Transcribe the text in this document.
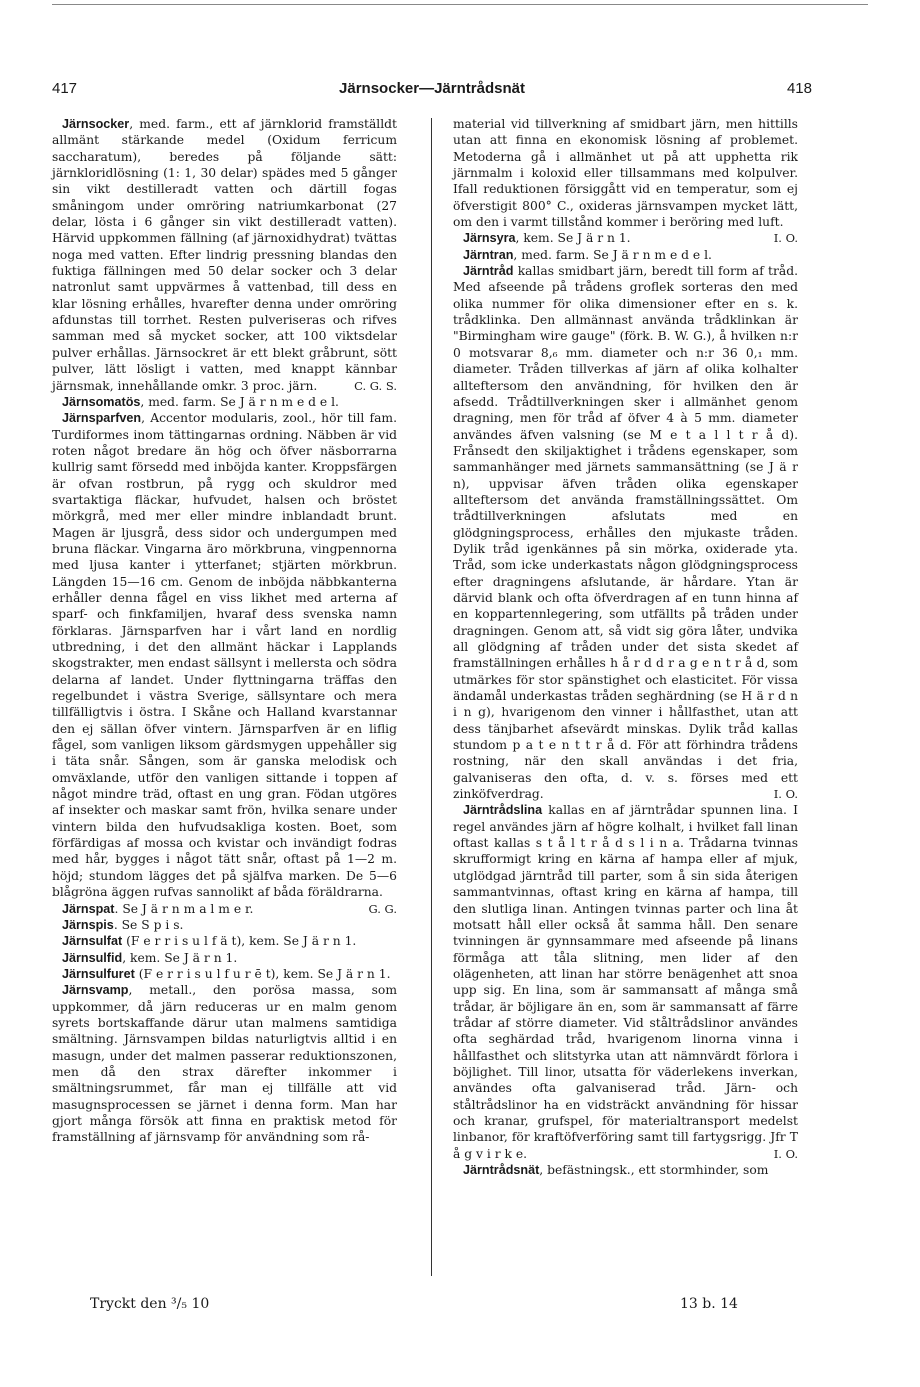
417	Järnsocker—Järntrådsnät	418

Järnsocker, med. farm., ett af järnklorid framställdt allmänt stärkande medel (Oxidum ferricum saccharatum), beredes på följande sätt: järnkloridlösning (1: 1, 30 delar) spädes med 5 gånger sin vikt destilleradt vatten och därtill fogas småningom under omröring natriumkarbonat (27 delar, lösta i 6 gånger sin vikt destilleradt vatten). Härvid uppkommen fällning (af järnoxidhydrat) tvättas noga med vatten. Efter lindrig pressning blandas den fuktiga fällningen med 50 delar socker och 3 delar natronlut samt uppvärmes å vattenbad, till dess en klar lösning erhålles, hvarefter denna under omröring afdunstas till torrhet. Resten pulveriseras och rifves samman med så mycket socker, att 100 viktsdelar pulver erhållas. Järnsockret är ett blekt gråbrunt, sött pulver, lätt lösligt i vatten, med knappt kännbar järnsmak, innehållande omkr. 3 proc. järn.	C. G. S.

Järnsomatös, med. farm. Se J ä r n m e d e l.

Järnsparfven, Accentor modularis, zool., hör till fam. Turdiformes inom tättingarnas ordning. Näbben är vid roten något bredare än hög och öfver näsborrarna kullrig samt försedd med inböjda kanter. Kroppsfärgen är ofvan rostbrun, på rygg och skuldror med svartaktiga fläckar, hufvudet, halsen och bröstet mörkgrå, med mer eller mindre inblandadt brunt. Magen är ljusgrå, dess sidor och undergumpen med bruna fläckar. Vingarna äro mörkbruna, vingpennorna med ljusa kanter i ytterfanet; stjärten mörkbrun. Längden 15—16 cm. Genom de inböjda näbbkanterna erhåller denna fågel en viss likhet med arterna af sparf- och finkfamiljen, hvaraf dess svenska namn förklaras. Järnsparfven har i vårt land en nordlig utbredning, i det den allmänt häckar i Lapplands skogstrakter, men endast sällsynt i mellersta och södra delarna af landet. Under flyttningarna träffas den regelbundet i västra Sverige, sällsyntare och mera tillfälligtvis i östra. I Skåne och Halland kvarstannar den ej sällan öfver vintern. Järnsparfven är en liflig fågel, som vanligen liksom gärdsmygen uppehåller sig i täta snår. Sången, som är ganska melodisk och omväxlande, utför den vanligen sittande i toppen af något mindre träd, oftast en ung gran. Födan utgöres af insekter och maskar samt frön, hvilka senare under vintern bilda den hufvudsakliga kosten. Boet, som förfärdigas af mossa och kvistar och invändigt fodras med hår, bygges i något tätt snår, oftast på 1—2 m. höjd; stundom lägges det på själfva marken. De 5—6 blågröna äggen rufvas sannolikt af båda föräldrarna.
G. G.

Järnspat. Se J ä r n m a l m e r.

Järnspis. Se S p i s.

Järnsulfat (F e r r i s u l f ä t), kem. Se J ä r n 1.

Järnsulfid, kem. Se J ä r n 1.

Järnsulfuret (F e r r i s u l f u r ē t), kem. Se J ä r n 1.

Järnsvamp, metall., den porösa massa, som uppkommer, då järn reduceras ur en malm genom syrets bortskaffande därur utan malmens samtidiga smältning. Järnsvampen bildas naturligtvis alltid i en masugn, under det malmen passerar reduktionszonen, men då den strax därefter inkommer i smältningsrummet, får man ej tillfälle att vid masugnsprocessen se järnet i denna form. Man har gjort många försök att finna en praktisk metod för framställning af järnsvamp för användning som rå-

material vid tillverkning af smidbart järn, men hittills utan att finna en ekonomisk lösning af problemet. Metoderna gå i allmänhet ut på att upphetta rik järnmalm i koloxid eller tillsammans med kolpulver. Ifall reduktionen försiggått vid en temperatur, som ej öfverstigit 800° C., oxideras järnsvampen mycket lätt, om den i varmt tillstånd kommer i beröring med luft.
I. O.

Järnsyra, kem. Se J ä r n 1.

Järntran, med. farm. Se J ä r n m e d e l.

Järntråd kallas smidbart järn, beredt till form af tråd. Med afseende på trådens groflek sorteras den med olika nummer för olika dimensioner efter en s. k. trådklinka. Den allmännast använda trådklinkan är "Birmingham wire gauge" (förk. B. W. G.), å hvilken n:r 0 motsvarar 8,₆ mm. diameter och n:r 36 0,₁ mm. diameter. Tråden tillverkas af järn af olika kolhalter allteftersom den användning, för hvilken den är afsedd. Trådtillverkningen sker i allmänhet genom dragning, men för tråd af öfver 4 à 5 mm. diameter användes äfven valsning (se M e t a l l t r å d). Frånsedt den skiljaktighet i trådens egenskaper, som sammanhänger med järnets sammansättning (se J ä r n), uppvisar äfven tråden olika egenskaper allteftersom det använda framställningssättet. Om trådtillverkningen afslutats med en glödgningsprocess, erhålles den mjukaste tråden. Dylik tråd igenkännes på sin mörka, oxiderade yta. Tråd, som icke underkastats någon glödgningsprocess efter dragningens afslutande, är hårdare. Ytan är därvid blank och ofta öfverdragen af en tunn hinna af en koppartennlegering, som utfällts på tråden under dragningen. Genom att, så vidt sig göra låter, undvika all glödgning af tråden under det sista skedet af framställningen erhålles h å r d d r a g e n t r å d, som utmärkes för stor spänstighet och elasticitet. För vissa ändamål underkastas tråden seghärdning (se H ä r d n i n g), hvarigenom den vinner i hållfasthet, utan att dess tänjbarhet afsevärdt minskas. Dylik tråd kallas stundom p a t e n t t r å d. För att förhindra trådens rostning, när den skall användas i det fria, galvaniseras den ofta, d. v. s. förses med ett zinköfverdrag.	I. O.

Järntrådslina kallas en af järntrådar spunnen lina. I regel användes järn af högre kolhalt, i hvilket fall linan oftast kallas s t å l t r å d s l i n a. Trådarna tvinnas skrufformigt kring en kärna af hampa eller af mjuk, utglödgad järntråd till parter, som å sin sida återigen sammantvinnas, oftast kring en kärna af hampa, till den slutliga linan. Antingen tvinnas parter och lina åt motsatt håll eller också åt samma håll. Den senare tvinningen är gynnsammare med afseende på linans förmåga att tåla slitning, men lider af den olägenheten, att linan har större benägenhet att snoa upp sig. En lina, som är sammansatt af många små trådar, är böjligare än en, som är sammansatt af färre trådar af större diameter. Vid ståltrådslinor användes ofta seghärdad tråd, hvarigenom linorna vinna i hållfasthet och slitstyrka utan att nämnvärdt förlora i böjlighet. Till linor, utsatta för väderlekens inverkan, användes ofta galvaniserad tråd. Järn- och ståltrådslinor ha en vidsträckt användning för hissar och kranar, grufspel, för materialtransport medelst linbanor, för kraftöfverföring samt till fartygsrigg. Jfr T å g v i r k e.	I. O.

Järntrådsnät, befästningsk., ett stormhinder, som

Tryckt den ³/₅ 10	13 b. 14
